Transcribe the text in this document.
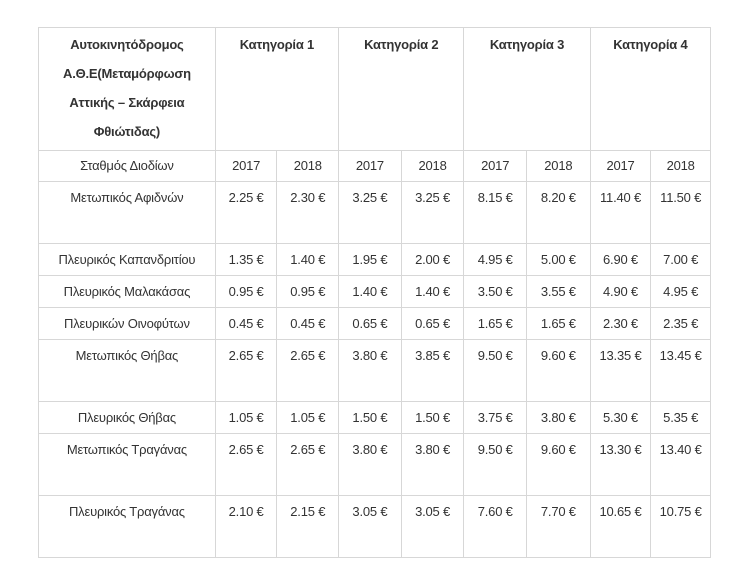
Αυτοκινητόδρομος Α.Θ.Ε(Μεταμόρφωση Αττικής – Σκάρφεια Φθιώτιδας)	Κατηγορία 1		Κατηγορία 2		Κατηγορία 3		Κατηγορία 4	
Σταθμός Διοδίων	2017	2018	2017	2018	2017	2018	2017	2018
Μετωπικός Αφιδνών	2.25 €	2.30 €	3.25 €	3.25 €	8.15 €	8.20 €	11.40 €	11.50 €
Πλευρικός Καπανδριτίου	1.35 €	1.40 €	1.95 €	2.00 €	4.95 €	5.00 €	6.90 €	7.00 €
Πλευρικός Μαλακάσας	0.95 €	0.95 €	1.40 €	1.40 €	3.50 €	3.55 €	4.90 €	4.95 €
Πλευρικών Οινοφύτων	0.45 €	0.45 €	0.65 €	0.65 €	1.65 €	1.65 €	2.30 €	2.35 €
Μετωπικός Θήβας	2.65 €	2.65 €	3.80 €	3.85 €	9.50 €	9.60 €	13.35 €	13.45 €
Πλευρικός Θήβας	1.05 €	1.05 €	1.50 €	1.50 €	3.75 €	3.80 €	5.30 €	5.35 €
Μετωπικός Τραγάνας	2.65 €	2.65 €	3.80 €	3.80 €	9.50 €	9.60 €	13.30 €	13.40 €
Πλευρικός Τραγάνας	2.10 €	2.15 €	3.05 €	3.05 €	7.60 €	7.70 €	10.65 €	10.75 €
